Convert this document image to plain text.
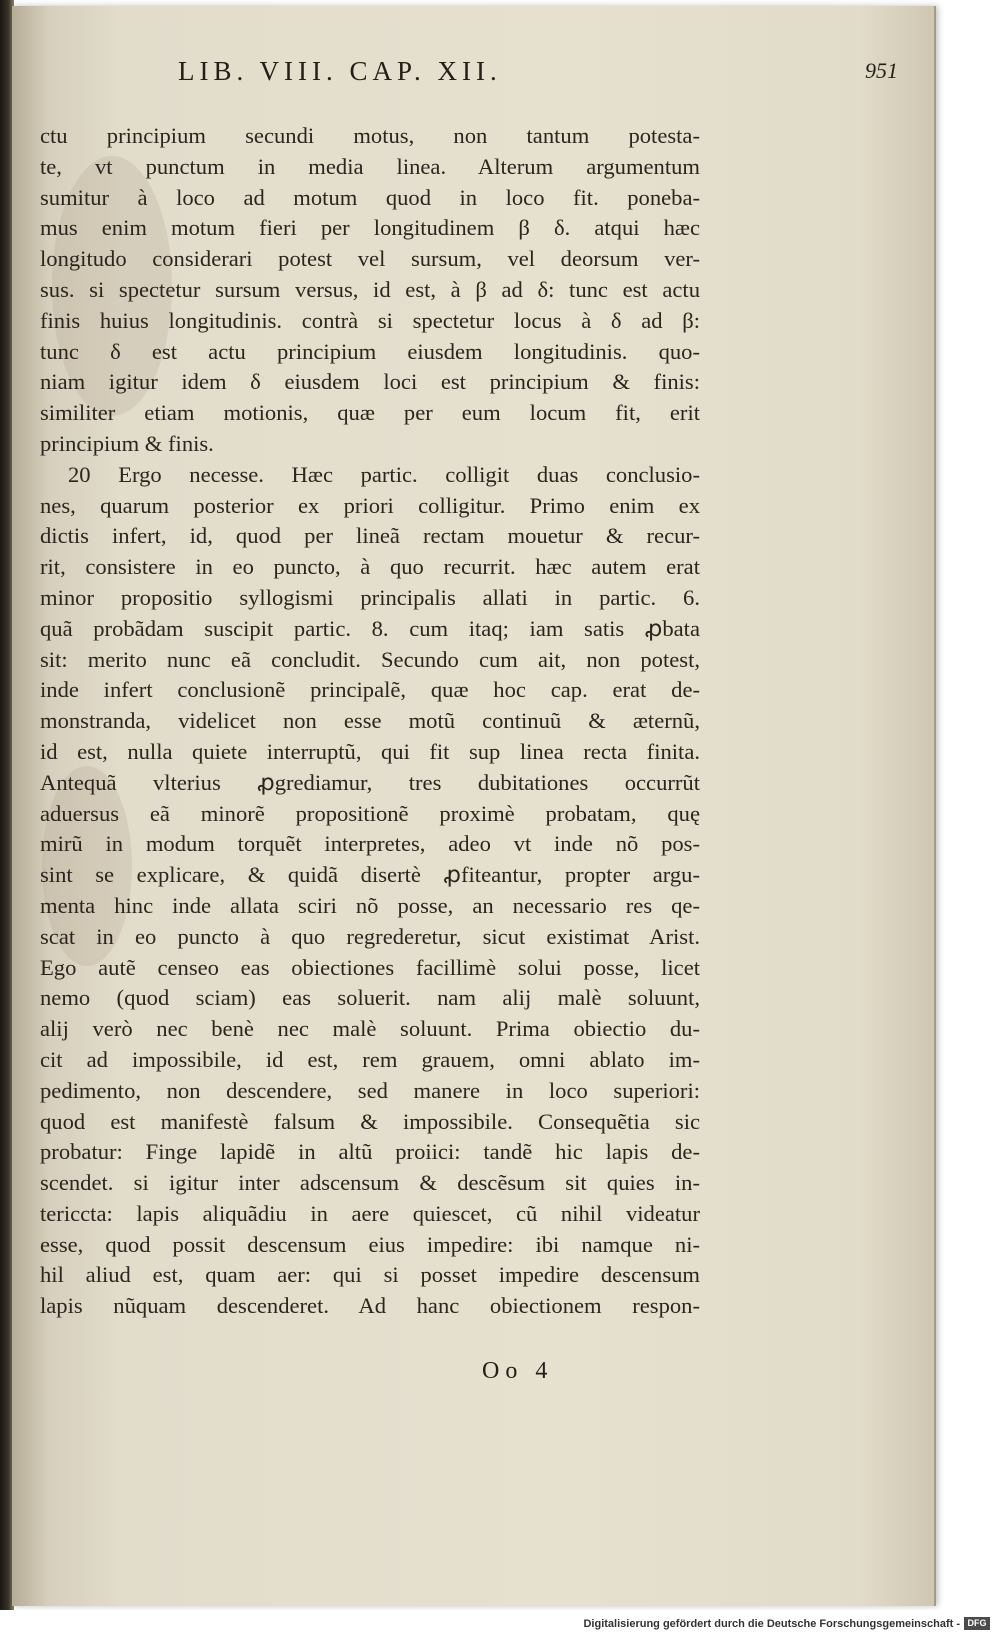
LIB. VIII. CAP. XII.	951
ctu principium secundi motus, non tantum potesta-
te, vt punctum in media linea. Alterum argumentum
sumitur à loco ad motum quod in loco fit. poneba-
mus enim motum fieri per longitudinem β δ. atqui hæc
longitudo considerari potest vel sursum, vel deorsum ver-
sus. si spectetur sursum versus, id est, à β ad δ: tunc est actu
finis huius longitudinis. contrà si spectetur locus à δ ad β:
tunc δ est actu principium eiusdem longitudinis. quo-
niam igitur idem δ eiusdem loci est principium & finis:
similiter etiam motionis, quæ per eum locum fit, erit
principium & finis.
20 Ergo necesse. Hæc partic. colligit duas conclusio-
nes, quarum posterior ex priori colligitur. Primo enim ex
dictis infert, id, quod per lineã rectam mouetur & recur-
rit, consistere in eo puncto, à quo recurrit. hæc autem erat
minor propositio syllogismi principalis allati in partic. 6.
quã probãdam suscipit partic. 8. cum itaq; iam satis ꝓbata
sit: merito nunc eã concludit. Secundo cum ait, non potest,
inde infert conclusionẽ principalẽ, quæ hoc cap. erat de-
monstranda, videlicet non esse motũ continuũ & æternũ,
id est, nulla quiete interruptũ, qui fit sup linea recta finita.
Antequã vlterius ꝓgrediamur, tres dubitationes occurrũt
aduersus eã minorẽ propositionẽ proximè probatam, quę
mirũ in modum torquẽt interpretes, adeo vt inde nõ pos-
sint se explicare, & quidã disertè ꝓfiteantur, propter argu-
menta hinc inde allata sciri nõ posse, an necessario res qe-
scat in eo puncto à quo regrederetur, sicut existimat Arist.
Ego autẽ censeo eas obiectiones facillimè solui posse, licet
nemo (quod sciam) eas soluerit. nam alij malè soluunt,
alij verò nec benè nec malè soluunt. Prima obiectio du-
cit ad impossibile, id est, rem grauem, omni ablato im-
pedimento, non descendere, sed manere in loco superiori:
quod est manifestè falsum & impossibile. Consequẽtia sic
probatur: Finge lapidẽ in altũ proiici: tandẽ hic lapis de-
scendet. si igitur inter adscensum & descẽsum sit quies in-
tericcta: lapis aliquãdiu in aere quiescet, cũ nihil videatur
esse, quod possit descensum eius impedire: ibi namque ni-
hil aliud est, quam aer: qui si posset impedire descensum
lapis nũquam descenderet. Ad hanc obiectionem respon-
Oo 4
Digitalisierung gefördert durch die Deutsche Forschungsgemeinschaft - DFG
